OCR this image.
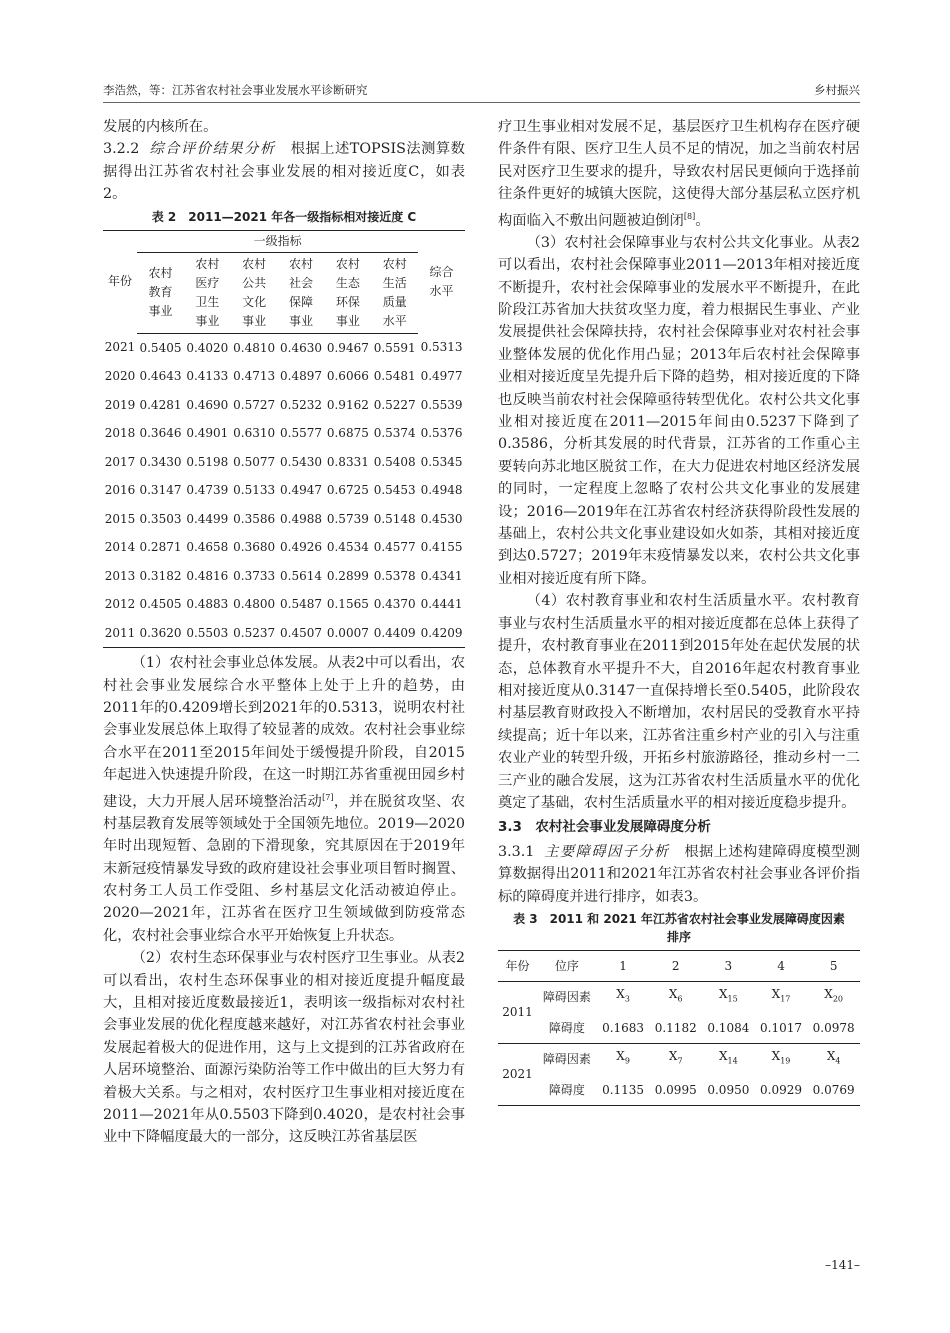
李浩然，等：江苏省农村社会事业发展水平诊断研究	乡村振兴

发展的内核所在。

3.2.2 综合评价结果分析 根据上述TOPSIS法测算数据得出江苏省农村社会事业发展的相对接近度C，如表2。

表 2　2011—2021 年各一级指标相对接近度 C
年份	一级指标						综合水平
	农村教育事业	农村医疗卫生事业	农村公共文化事业	农村社会保障事业	农村生态环保事业	农村生活质量水平	
2021	0.5405	0.4020	0.4810	0.4630	0.9467	0.5591	0.5313
2020	0.4643	0.4133	0.4713	0.4897	0.6066	0.5481	0.4977
2019	0.4281	0.4690	0.5727	0.5232	0.9162	0.5227	0.5539
2018	0.3646	0.4901	0.6310	0.5577	0.6875	0.5374	0.5376
2017	0.3430	0.5198	0.5077	0.5430	0.8331	0.5408	0.5345
2016	0.3147	0.4739	0.5133	0.4947	0.6725	0.5453	0.4948
2015	0.3503	0.4499	0.3586	0.4988	0.5739	0.5148	0.4530
2014	0.2871	0.4658	0.3680	0.4926	0.4534	0.4577	0.4155
2013	0.3182	0.4816	0.3733	0.5614	0.2899	0.5378	0.4341
2012	0.4505	0.4883	0.4800	0.5487	0.1565	0.4370	0.4441
2011	0.3620	0.5503	0.5237	0.4507	0.0007	0.4409	0.4209

（1）农村社会事业总体发展。从表2中可以看出，农村社会事业发展综合水平整体上处于上升的趋势，由2011年的0.4209增长到2021年的0.5313，说明农村社会事业发展总体上取得了较显著的成效。农村社会事业综合水平在2011至2015年间处于缓慢提升阶段，自2015年起进入快速提升阶段，在这一时期江苏省重视田园乡村建设，大力开展人居环境整治活动[7]，并在脱贫攻坚、农村基层教育发展等领域处于全国领先地位。2019—2020年时出现短暂、急剧的下滑现象，究其原因在于2019年末新冠疫情暴发导致的政府建设社会事业项目暂时搁置、农村务工人员工作受阻、乡村基层文化活动被迫停止。2020—2021年，江苏省在医疗卫生领域做到防疫常态化，农村社会事业综合水平开始恢复上升状态。

（2）农村生态环保事业与农村医疗卫生事业。从表2可以看出，农村生态环保事业的相对接近度提升幅度最大，且相对接近度数最接近1，表明该一级指标对农村社会事业发展的优化程度越来越好，对江苏省农村社会事业发展起着极大的促进作用，这与上文提到的江苏省政府在人居环境整治、面源污染防治等工作中做出的巨大努力有着极大关系。与之相对，农村医疗卫生事业相对接近度在2011—2021年从0.5503下降到0.4020，是农村社会事业中下降幅度最大的一部分，这反映江苏省基层医

疗卫生事业相对发展不足，基层医疗卫生机构存在医疗硬件条件有限、医疗卫生人员不足的情况，加之当前农村居民对医疗卫生要求的提升，导致农村居民更倾向于选择前往条件更好的城镇大医院，这使得大部分基层私立医疗机构面临入不敷出问题被迫倒闭[8]。

（3）农村社会保障事业与农村公共文化事业。从表2可以看出，农村社会保障事业2011—2013年相对接近度不断提升，农村社会保障事业的发展水平不断提升，在此阶段江苏省加大扶贫攻坚力度，着力根据民生事业、产业发展提供社会保障扶持，农村社会保障事业对农村社会事业整体发展的优化作用凸显；2013年后农村社会保障事业相对接近度呈先提升后下降的趋势，相对接近度的下降也反映当前农村社会保障亟待转型优化。农村公共文化事业相对接近度在2011—2015年间由0.5237下降到了0.3586，分析其发展的时代背景，江苏省的工作重心主要转向苏北地区脱贫工作，在大力促进农村地区经济发展的同时，一定程度上忽略了农村公共文化事业的发展建设；2016—2019年在江苏省农村经济获得阶段性发展的基础上，农村公共文化事业建设如火如荼，其相对接近度到达0.5727；2019年末疫情暴发以来，农村公共文化事业相对接近度有所下降。

（4）农村教育事业和农村生活质量水平。农村教育事业与农村生活质量水平的相对接近度都在总体上获得了提升，农村教育事业在2011到2015年处在起伏发展的状态，总体教育水平提升不大，自2016年起农村教育事业相对接近度从0.3147一直保持增长至0.5405，此阶段农村基层教育财政投入不断增加，农村居民的受教育水平持续提高；近十年以来，江苏省注重乡村产业的引入与注重农业产业的转型升级，开拓乡村旅游路径，推动乡村一二三产业的融合发展，这为江苏省农村生活质量水平的优化奠定了基础，农村生活质量水平的相对接近度稳步提升。

3.3　农村社会事业发展障碍度分析

3.3.1 主要障碍因子分析 根据上述构建障碍度模型测算数据得出2011和2021年江苏省农村社会事业各评价指标的障碍度并进行排序，如表3。

表 3　2011 和 2021 年江苏省农村社会事业发展障碍度因素
排序
年份	位序	1	2	3	4	5
2011	障碍因素	$X_3$	$X_6$	$X_{15}$	$X_{17}$	$X_{20}$
	障碍度	0.1683	0.1182	0.1084	0.1017	0.0978
2021	障碍因素	$X_9$	$X_7$	$X_{14}$	$X_{19}$	$X_4$
	障碍度	0.1135	0.0995	0.0950	0.0929	0.0769
–141–
